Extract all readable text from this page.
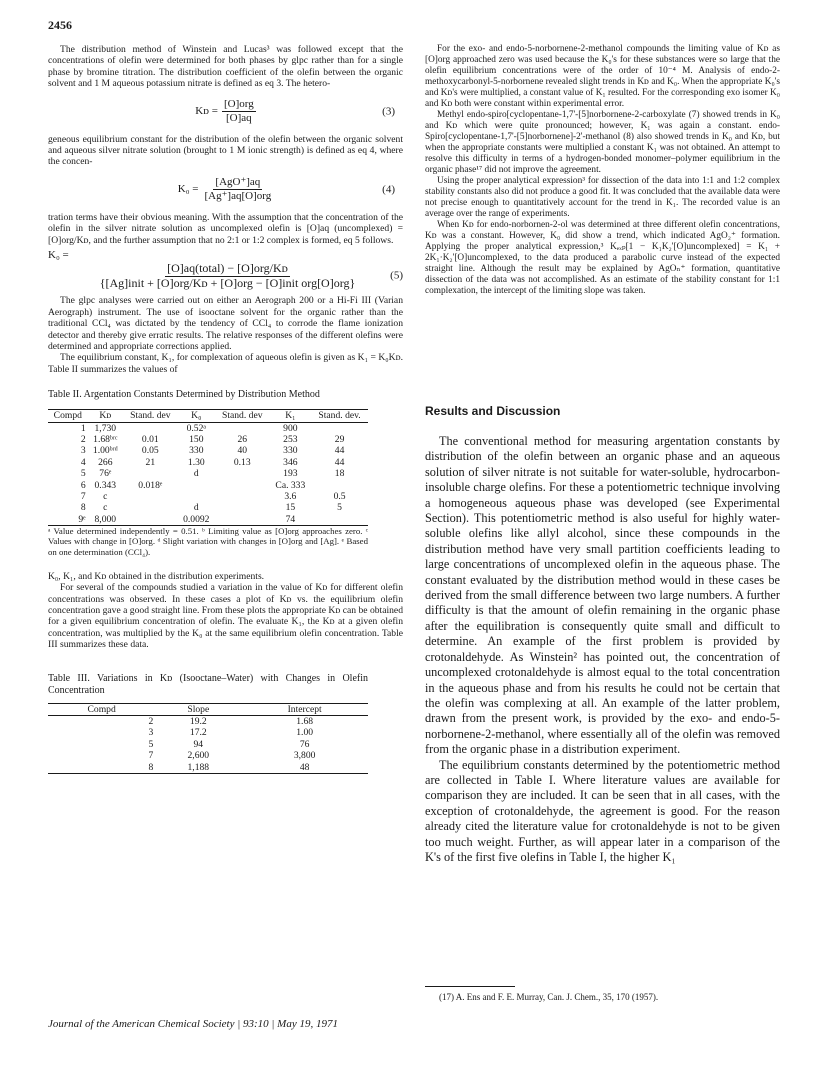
2456

The distribution method of Winstein and Lucas³ was followed except that the concentrations of olefin were determined for both phases by glpc rather than for a single phase by bromine titration. The distribution coefficient of the olefin between the organic solvent and 1 M aqueous potassium nitrate is defined as eq 3. The hetero-

Kᴅ = $\frac{\text{[O]org}}{[O]aq}$	(3)

geneous equilibrium constant for the distribution of the olefin between the organic solvent and aqueous silver nitrate solution (brought to 1 M ionic strength) is defined as eq 4, where the concen-

$K_0 = \frac{\text{[AgO⁺]aq}}{\text{[Ag⁺]aq[O]org}}$	(4)

tration terms have their obvious meaning. With the assumption that the concentration of the olefin in the silver nitrate solution as uncomplexed olefin is [O]aq (uncomplexed) = [O]org/Kᴅ, and the further assumption that no 2:1 or 1:2 complex is formed, eq 5 follows.

K₀ =
$\frac{\text{[O]aq(total) − [O]org/Kᴅ}}{\text{\{[Ag]init + [O]org/Kᴅ + [O]org − [O]init org[O]org\}}}$	(5)

The glpc analyses were carried out on either an Aerograph 200 or a Hi-Fi III (Varian Aerograph) instrument. The use of isooctane solvent for the organic rather than the traditional CCl₄ was dictated by the tendency of CCl₄ to corrode the flame ionization detector and thereby give erratic results. The relative responses of the different olefins were determined and appropriate corrections applied.

The equilibrium constant, K₁, for complexation of aqueous olefin is given as K₁ = K₀Kᴅ. Table II summarizes the values of

Table II. Argentation Constants Determined by Distribution Method

Compd	Kᴅ	Stand. dev	K₀	Stand. dev	K₁	Stand. dev.
1	1,730		0.52ᵃ		900	
2	1.68ᵇʳᶜ	0.01	150	26	253	29
3	1.00ᵇʳᵈ	0.05	330	40	330	44
4	266	21	1.30	0.13	346	44
5	76ᵉ		d		193	18
6	0.343	0.018ᵉ			Ca. 333	
7	c				3.6	0.5
8	c		d		15	5
9ᵉ	8,000		0.0092		74	

ᵃ Value determined independently = 0.51. ᵇ Limiting value as [O]org approaches zero. ᶜ Values with change in [O]org. ᵈ Slight variation with changes in [O]org and [Ag]. ᵉ Based on one determination (CCl₄).

K₀, K₁, and Kᴅ obtained in the distribution experiments.

For several of the compounds studied a variation in the value of Kᴅ for different olefin concentrations was observed. In these cases a plot of Kᴅ vs. the equilibrium olefin concentration gave a good straight line. From these plots the appropriate Kᴅ can be obtained for a given equilibrium concentration of olefin. The evaluate K₁, the Kᴅ at a given olefin concentration, was multiplied by the K₀ at the same equilibrium olefin concentration. Table III summarizes these data.

Table III. Variations in Kᴅ (Isooctane–Water) with Changes in Olefin Concentration

Compd	Slope	Intercept
2	19.2	1.68
3	17.2	1.00
5	94	76
7	2,600	3,800
8	1,188	48

For the exo- and endo-5-norbornene-2-methanol compounds the limiting value of Kᴅ as [O]org approached zero was used because the K₀'s for these substances were so large that the olefin equilibrium concentrations were of the order of 10⁻⁴ M. Analysis of endo-2-methoxycarbonyl-5-norbornene revealed slight trends in Kᴅ and K₀. When the appropriate K₀'s and Kᴅ's were multiplied, a constant value of K₁ resulted. For the corresponding exo isomer K₀ and Kᴅ both were constant within experimental error.

Methyl endo-spiro[cyclopentane-1,7'-[5]norbornene-2-carboxylate (7) showed trends in K₀ and Kᴅ which were quite pronounced; however, K₁ was again a constant. endo-Spiro[cyclopentane-1,7'-[5]norbornene]-2'-methanol (8) also showed trends in K₀ and Kᴅ, but when the appropriate constants were multiplied a constant K₁ was not obtained. An attempt to resolve this difficulty in terms of a hydrogen-bonded monomer–polymer equilibrium in the organic phase¹⁷ did not improve the agreement.

Using the proper analytical expression³ for dissection of the data into 1:1 and 1:2 complex stability constants also did not produce a good fit. It was concluded that the available data were not precise enough to quantitatively account for the trend in K₁. The recorded value is an average over the range of experiments.

When Kᴅ for endo-norbornen-2-ol was determined at three different olefin concentrations, Kᴅ was a constant. However, K₀ did show a trend, which indicated AgO₂⁺ formation. Applying the proper analytical expression,³ Kₑₓₚ[1 − K₁K₂'[O]uncomplexed] = K₁ + 2K₁·K₂'[O]uncomplexed, to the data produced a parabolic curve instead of the expected straight line. Although the result may be explained by AgOₙ⁺ formation, quantitative dissection of the data was not accomplished. As an estimate of the stability constant for 1:1 complexation, the intercept of the limiting slope was taken.

Results and Discussion

The conventional method for measuring argentation constants by distribution of the olefin between an organic phase and an aqueous solution of silver nitrate is not suitable for water-soluble, hydrocarbon-insoluble charge olefins. For these a potentiometric technique involving a homogeneous aqueous phase was developed (see Experimental Section). This potentiometric method is also useful for highly water-soluble olefins like allyl alcohol, since these compounds in the distribution method have very small partition coefficients leading to large concentrations of uncomplexed olefin in the aqueous phase. The constant evaluated by the distribution method would in these cases be derived from the small difference between two large numbers. A further difficulty is that the amount of olefin remaining in the organic phase after the equilibration is consequently quite small and difficult to determine. An example of the first problem is provided by crotonaldehyde. As Winstein² has pointed out, the concentration of uncomplexed crotonaldehyde is almost equal to the total concentration in the aqueous phase and from his results he could not be certain that the olefin was complexing at all. An example of the latter problem, drawn from the present work, is provided by the exo- and endo-5-norbornene-2-methanol, where essentially all of the olefin was removed from the organic phase in a distribution experiment.

The equilibrium constants determined by the potentiometric method are collected in Table I. Where literature values are available for comparison they are included. It can be seen that in all cases, with the exception of crotonaldehyde, the agreement is good. For the reason already cited the literature value for crotonaldehyde is not to be given too much weight. Further, as will appear later in a comparison of the K's of the first five olefins in Table I, the higher K₁

(17) A. Ens and F. E. Murray, Can. J. Chem., 35, 170 (1957).
Journal of the American Chemical Society | 93:10 | May 19, 1971
